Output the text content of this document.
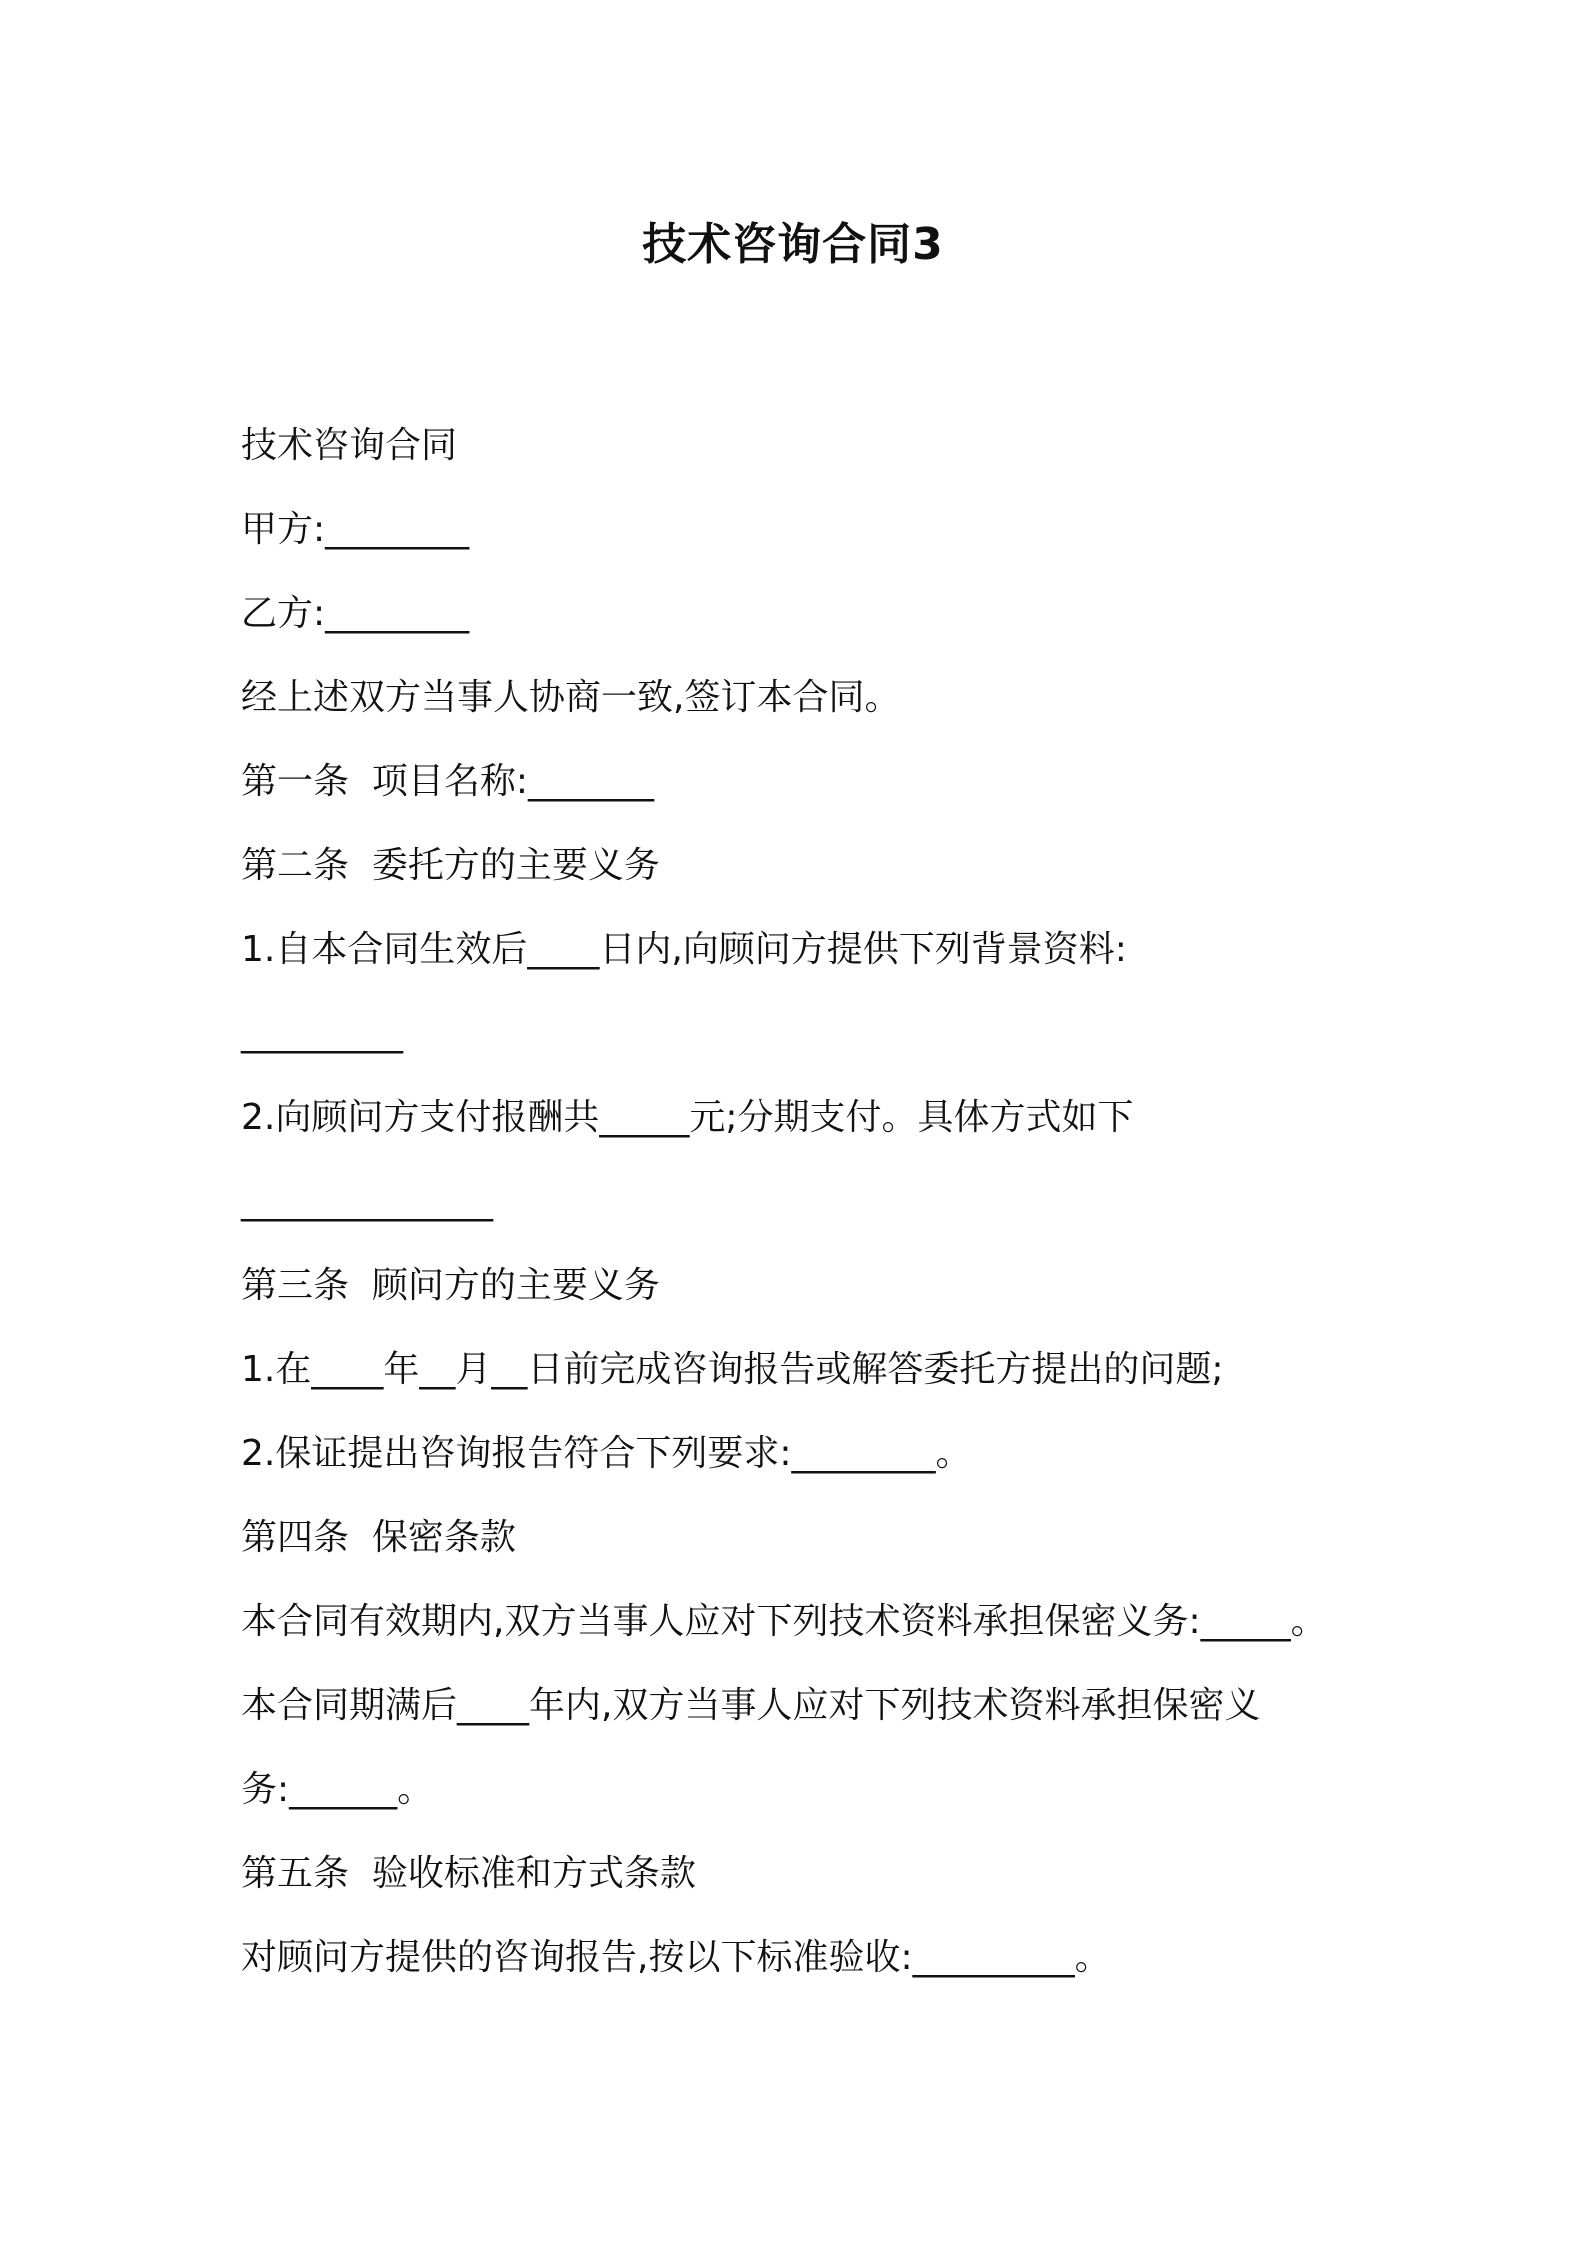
技术咨询合同3
技术咨询合同
甲方:________
乙方:________
经上述双方当事人协商一致,签订本合同。
第一条  项目名称:_______
第二条  委托方的主要义务
1.自本合同生效后____日内,向顾问方提供下列背景资料:
_________
2.向顾问方支付报酬共_____元;分期支付。具体方式如下
______________
第三条  顾问方的主要义务
1.在____年__月__日前完成咨询报告或解答委托方提出的问题;
2.保证提出咨询报告符合下列要求:________。
第四条  保密条款
本合同有效期内,双方当事人应对下列技术资料承担保密义务:_____。
本合同期满后____年内,双方当事人应对下列技术资料承担保密义
务:______。
第五条  验收标准和方式条款
对顾问方提供的咨询报告,按以下标准验收:_________。
